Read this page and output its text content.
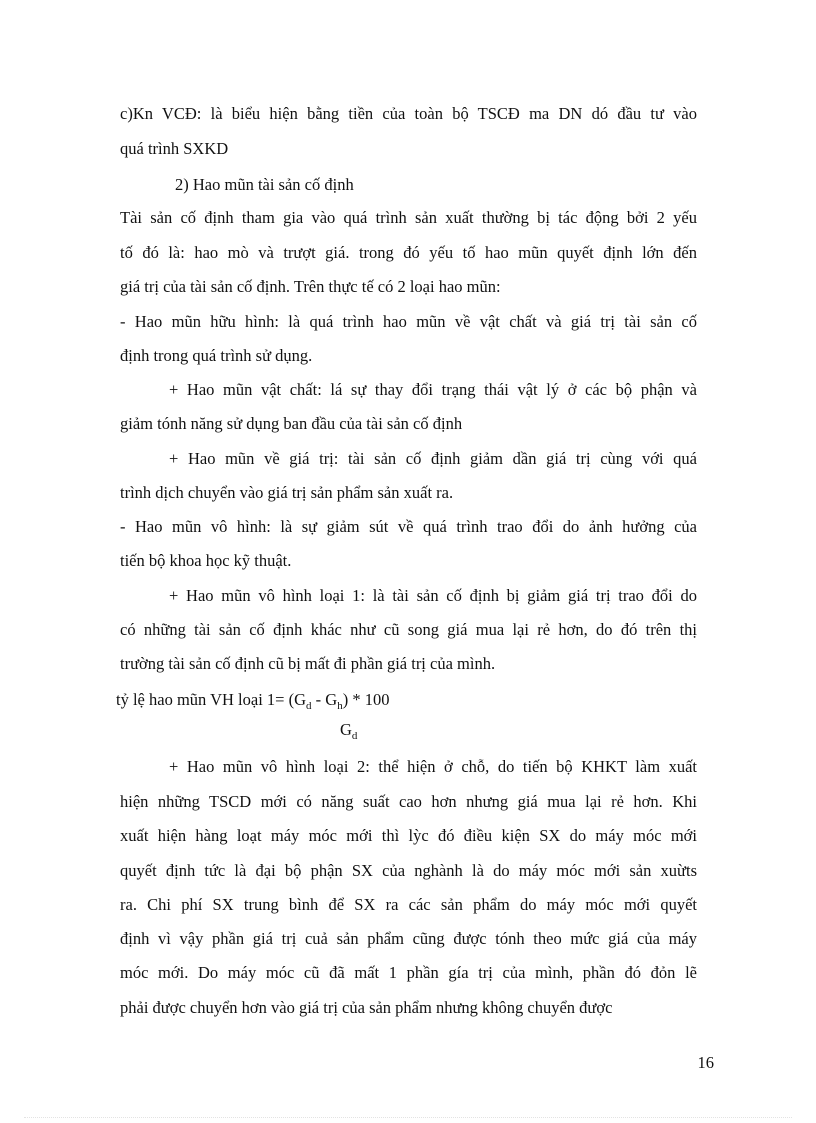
c)Kn VCĐ: là biểu hiện bằng tiền của toàn bộ TSCĐ ma DN dó đầu tư vào
quá trình SXKD
2) Hao mũn tài sản cố định
Tài sản cố định tham gia vào quá trình sản xuất thường bị tác động bởi 2 yếu
tố đó là: hao mò và trượt giá. trong đó yếu tố hao mũn quyết định lớn đến
giá trị của tài sản cố định. Trên thực tế có 2 loại hao mũn:
- Hao mũn hữu hình: là quá trình hao mũn về vật chất và giá trị tài sản cố
định trong quá trình sử dụng.
+ Hao mũn vật chất: lá sự thay đổi trạng thái vật lý ở các bộ phận và
giảm tónh năng sử dụng ban đầu của tài sản cố định
+ Hao mũn về giá trị: tài sản cố định giảm dần giá trị cùng với quá
trình dịch chuyển vào giá trị sản phẩm sản xuất ra.
- Hao mũn vô hình: là sự giảm sút về quá trình trao đổi do ảnh hưởng của
tiến bộ khoa học kỹ thuật.
+ Hao mũn vô hình loại 1: là tài sản cố định bị giảm giá trị trao đổi do
có những tài sản cố định khác như cũ song giá mua lại rẻ hơn, do đó trên thị
trường tài sản cố định cũ bị mất đi phần giá trị của mình.
tỷ lệ hao mũn VH loại $1= (G_d - G_h) * 100$
$G_d$
+ Hao mũn vô hình loại 2: thể hiện ở chỗ, do tiến bộ KHKT làm xuất
hiện những TSCD mới có năng suất cao hơn nhưng giá mua lại rẻ hơn. Khi
xuất hiện hàng loạt máy móc mới thì lỳc đó điều kiện SX do máy móc mới
quyết định tức là đại bộ phận SX của nghành là do máy móc mới sản xuừts
ra. Chi phí SX trung bình để SX ra các sản phẩm do máy móc mới quyết
định vì vậy phần giá trị cuả sản phẩm cũng được tónh theo mức giá của máy
móc mới. Do máy móc cũ đã mất 1 phần gía trị của mình, phần đó đỏn lẽ
phải được chuyển hơn vào giá trị của sản phẩm nhưng không chuyển được
16
